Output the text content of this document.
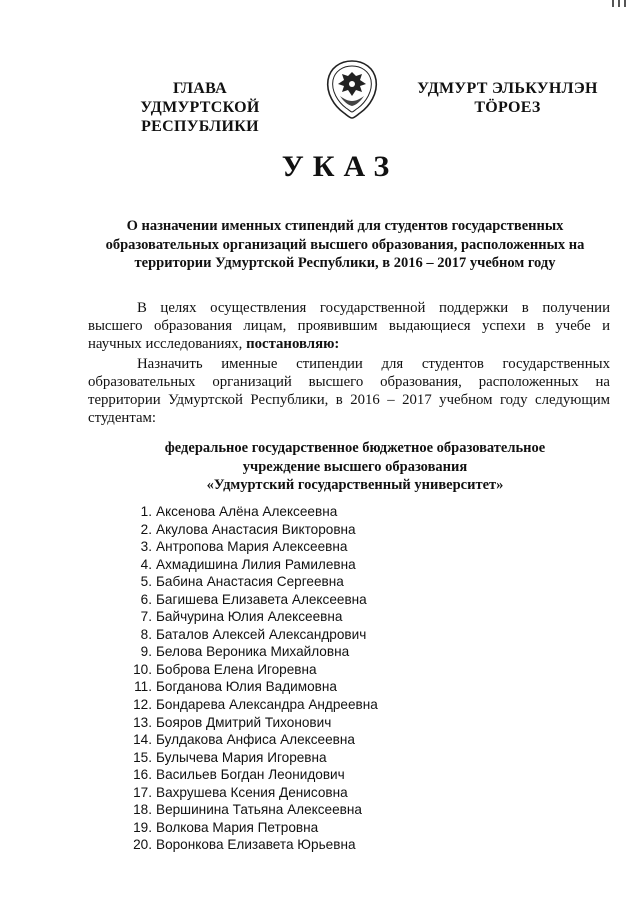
ГЛАВА
УДМУРТСКОЙ РЕСПУБЛИКИ
УДМУРТ ЭЛЬКУНЛЭН
ТӦРОЕЗ
УКАЗ
О назначении именных стипендий для студентов государственных
образовательных организаций высшего образования, расположенных на
территории Удмуртской Республики, в 2016 – 2017 учебном году
В целях осуществления государственной поддержки в получении
высшего образования лицам, проявившим выдающиеся успехи в учебе и
научных исследованиях, постановляю:
Назначить именные стипендии для студентов государственных
образовательных организаций высшего образования, расположенных на
территории Удмуртской Республики, в 2016 – 2017 учебном году следующим
студентам:
федеральное государственное бюджетное образовательное
учреждение высшего образования
«Удмуртский государственный университет»
1. Аксенова Алёна Алексеевна
2. Акулова Анастасия Викторовна
3. Антропова Мария Алексеевна
4. Ахмадишина Лилия Рамилевна
5. Бабина Анастасия Сергеевна
6. Багишева Елизавета Алексеевна
7. Байчурина Юлия Алексеевна
8. Баталов Алексей Александрович
9. Белова Вероника Михайловна
10. Боброва Елена Игоревна
11. Богданова Юлия Вадимовна
12. Бондарева Александра Андреевна
13. Бояров Дмитрий Тихонович
14. Булдакова Анфиса Алексеевна
15. Булычева Мария Игоревна
16. Васильев Богдан Леонидович
17. Вахрушева Ксения Денисовна
18. Вершинина Татьяна Алексеевна
19. Волкова Мария Петровна
20. Воронкова Елизавета Юрьевна
